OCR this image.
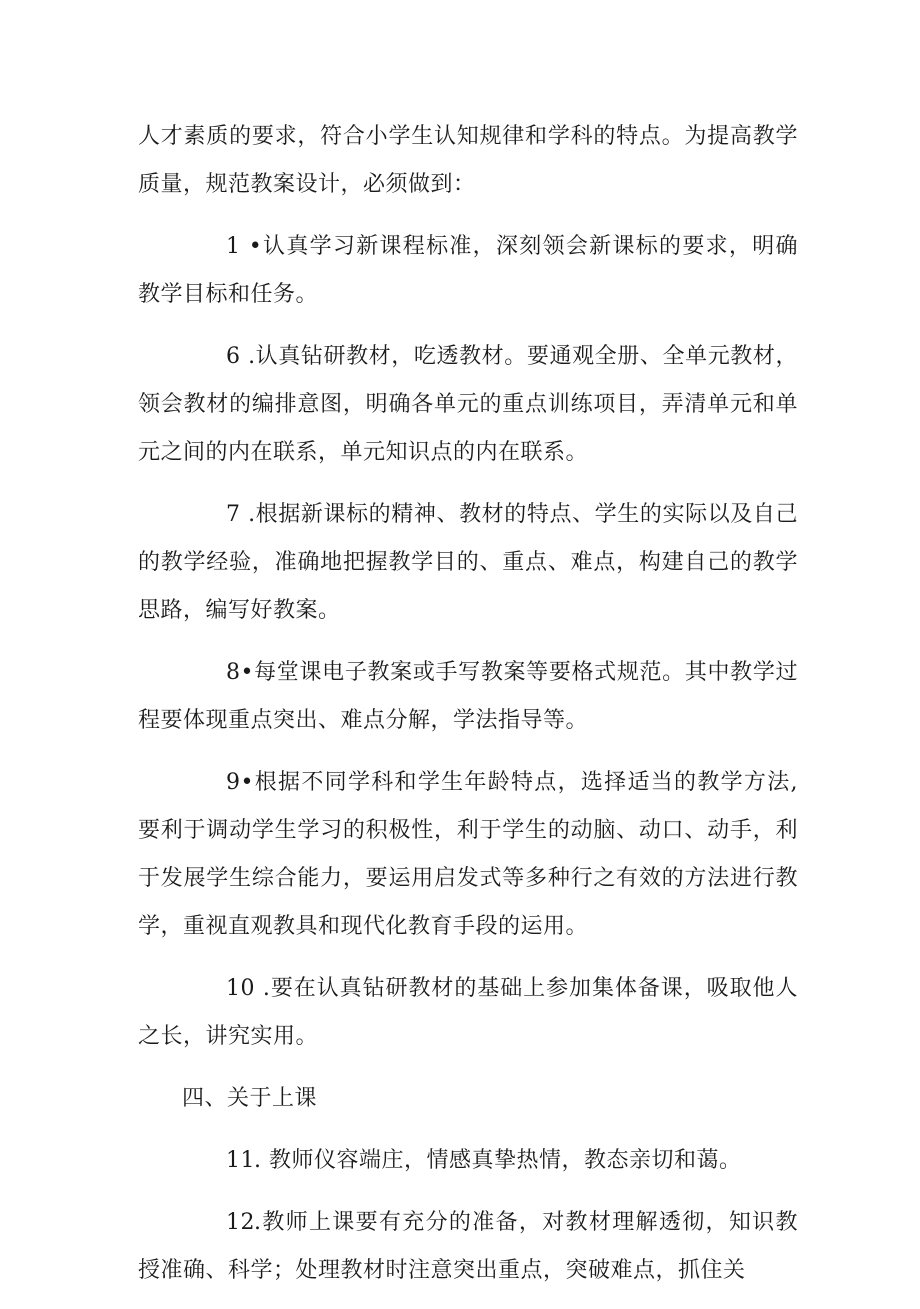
人才素质的要求，符合小学生认知规律和学科的特点。为提高教学质量，规范教案设计，必须做到：

1 •认真学习新课程标准，深刻领会新课标的要求，明确教学目标和任务。

6 .认真钻研教材，吃透教材。要通观全册、全单元教材，领会教材的编排意图，明确各单元的重点训练项目，弄清单元和单元之间的内在联系，单元知识点的内在联系。

7 .根据新课标的精神、教材的特点、学生的实际以及自己的教学经验，准确地把握教学目的、重点、难点，构建自己的教学思路，编写好教案。

8•每堂课电子教案或手写教案等要格式规范。其中教学过程要体现重点突出、难点分解，学法指导等。

9•根据不同学科和学生年龄特点，选择适当的教学方法,要利于调动学生学习的积极性，利于学生的动脑、动口、动手，利于发展学生综合能力，要运用启发式等多种行之有效的方法进行教学，重视直观教具和现代化教育手段的运用。

10 .要在认真钻研教材的基础上参加集体备课，吸取他人之长，讲究实用。

四、关于上课

11. 教师仪容端庄，情感真挚热情，教态亲切和蔼。

12.教师上课要有充分的准备，对教材理解透彻，知识教授准确、科学；处理教材时注意突出重点，突破难点，抓住关
